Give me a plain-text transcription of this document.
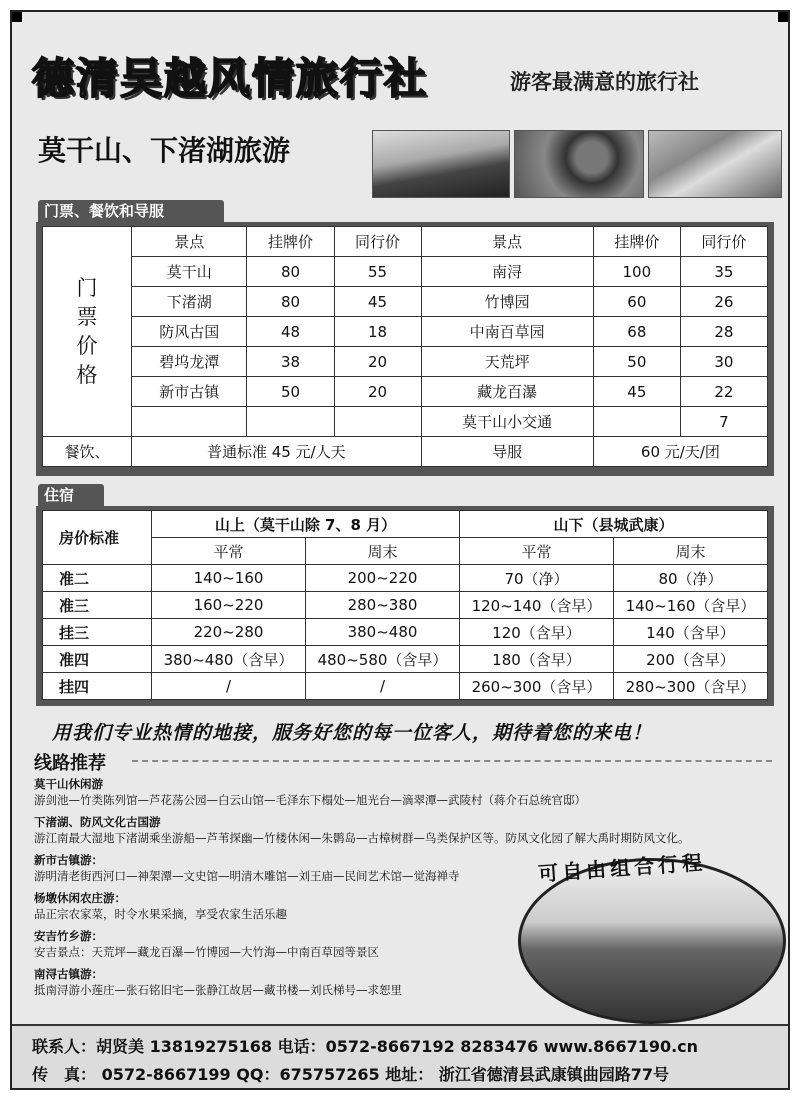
德清吴越风情旅行社	游客最满意的旅行社
莫干山、下渚湖旅游
门票、餐饮和导服
门
票
价
格	景点	挂牌价	同行价	景点	挂牌价	同行价
	莫干山	80	55	南浔	100	35
	下渚湖	80	45	竹博园	60	26
	防风古国	48	18	中南百草园	68	28
	碧坞龙潭	38	20	天荒坪	50	30
	新市古镇	50	20	藏龙百瀑	45	22
				莫干山小交通		7
餐饮、	普通标准 45 元/人天			导服	60 元/天/团	
住宿
房价标准	山上（莫干山除 7、8 月）		山下（县城武康）	
	平常	周末	平常	周末
准二	140~160	200~220	70（净）	80（净）
准三	160~220	280~380	120~140（含早）	140~160（含早）
挂三	220~280	380~480	120（含早）	140（含早）
准四	380~480（含早）	480~580（含早）	180（含早）	200（含早）
挂四	/	/	260~300（含早）	280~300（含早）
用我们专业热情的地接，服务好您的每一位客人，期待着您的来电！
线路推荐
莫干山休闲游
游剑池—竹类陈列馆—芦花荡公园—白云山馆—毛泽东下榻处—旭光台—滴翠潭—武陵村（蒋介石总统官邸）
下渚湖、防风文化古国游
游江南最大湿地下渚湖乘坐游船—芦苇探幽—竹楼休闲—朱鹮岛—古樟树群—鸟类保护区等。防风文化园了解大禹时期防风文化。
新市古镇游：
游明清老街西河口—神架潭—文史馆—明清木雕馆—刘王庙—民间艺术馆—觉海禅寺
杨墩休闲农庄游：
品正宗农家菜，时令水果采摘，享受农家生活乐趣
安吉竹乡游：
安吉景点：天荒坪—藏龙百瀑—竹博园—大竹海—中南百草园等景区
南浔古镇游：
抵南浔游小莲庄—张石铭旧宅—张静江故居—藏书楼—刘氏梯号—求恕里
可自由组合行程
联系人：胡贤美 13819275168 电话：0572-8667192 8283476 www.8667190.cn
传　真： 0572-8667199 QQ：675757265 地址： 浙江省德清县武康镇曲园路77号
